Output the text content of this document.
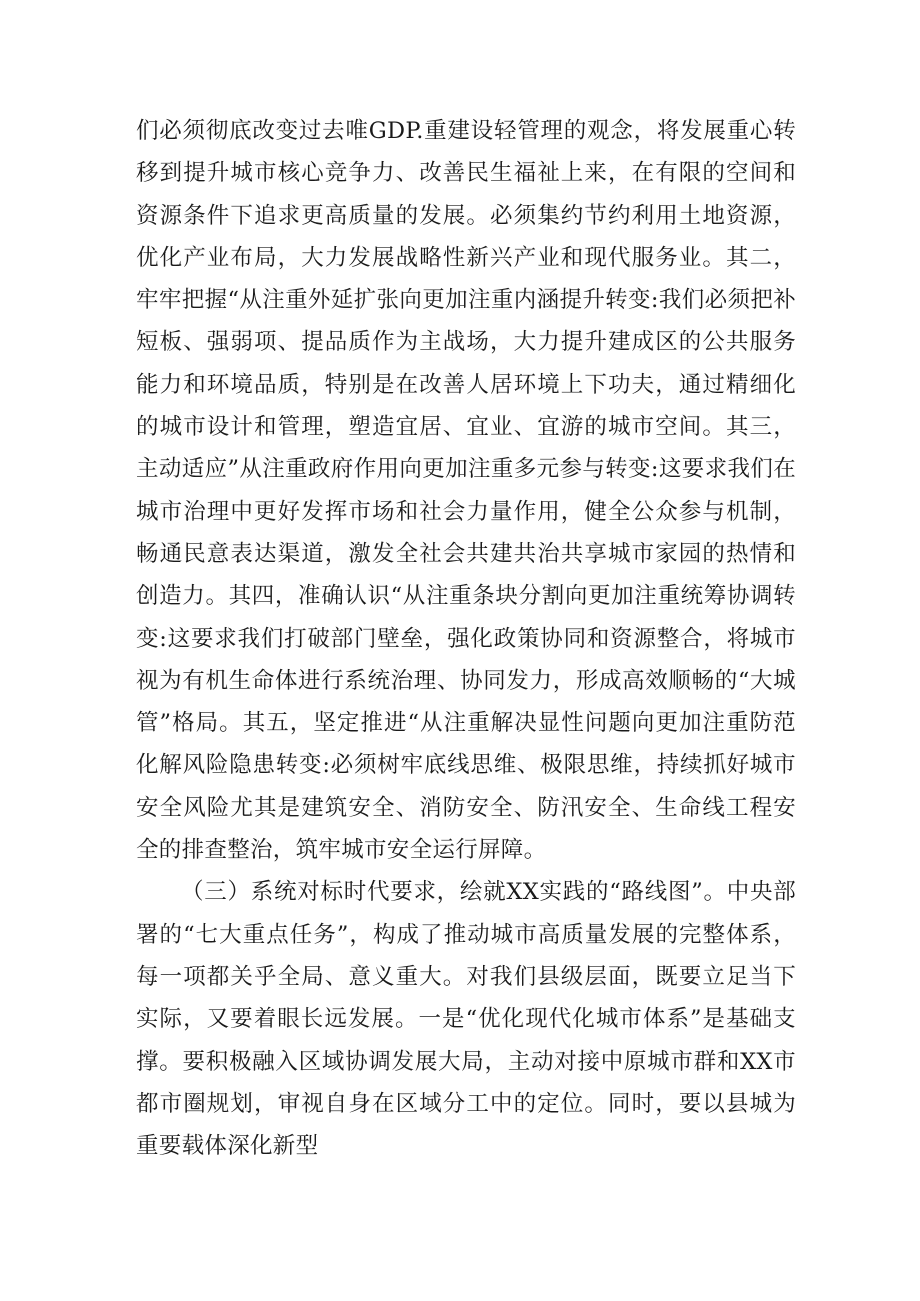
们必须彻底改变过去唯GDP.重建设轻管理的观念，将发展重心转移到提升城市核心竞争力、改善民生福祉上来，在有限的空间和资源条件下追求更高质量的发展。必须集约节约利用土地资源，优化产业布局，大力发展战略性新兴产业和现代服务业。其二，牢牢把握“从注重外延扩张向更加注重内涵提升转变:我们必须把补短板、强弱项、提品质作为主战场，大力提升建成区的公共服务能力和环境品质，特别是在改善人居环境上下功夫，通过精细化的城市设计和管理，塑造宜居、宜业、宜游的城市空间。其三，主动适应”从注重政府作用向更加注重多元参与转变:这要求我们在城市治理中更好发挥市场和社会力量作用，健全公众参与机制，畅通民意表达渠道，激发全社会共建共治共享城市家园的热情和创造力。其四，准确认识“从注重条块分割向更加注重统筹协调转变:这要求我们打破部门壁垒，强化政策协同和资源整合，将城市视为有机生命体进行系统治理、协同发力，形成高效顺畅的“大城管”格局。其五，坚定推进“从注重解决显性问题向更加注重防范化解风险隐患转变:必须树牢底线思维、极限思维，持续抓好城市安全风险尤其是建筑安全、消防安全、防汛安全、生命线工程安全的排查整治，筑牢城市安全运行屏障。

（三）系统对标时代要求，绘就XX实践的“路线图”。中央部署的“七大重点任务”，构成了推动城市高质量发展的完整体系，每一项都关乎全局、意义重大。对我们县级层面，既要立足当下实际，又要着眼长远发展。一是“优化现代化城市体系”是基础支撑。要积极融入区域协调发展大局，主动对接中原城市群和XX市都市圈规划，审视自身在区域分工中的定位。同时，要以县城为重要载体深化新型
